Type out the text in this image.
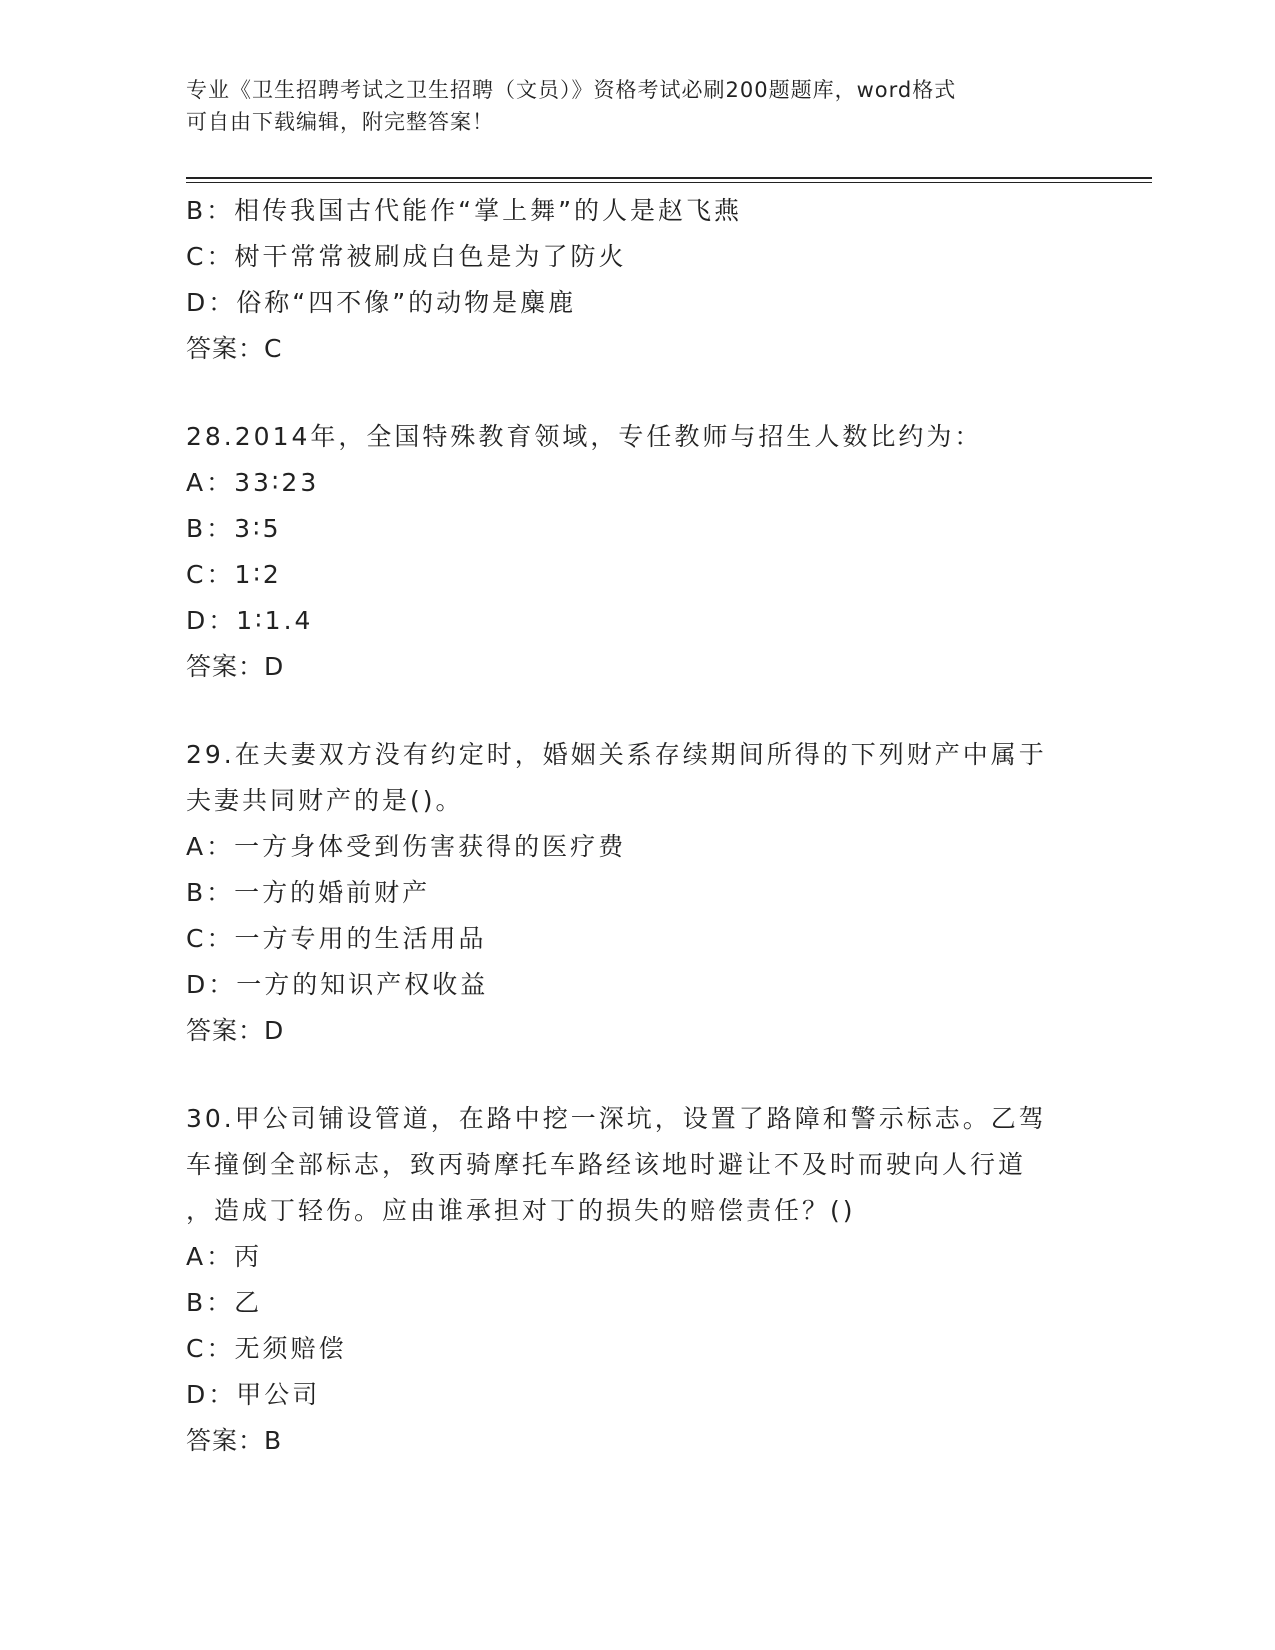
专业《卫生招聘考试之卫生招聘（文员）》资格考试必刷200题题库，word格式
可自由下载编辑，附完整答案！
B：相传我国古代能作“掌上舞”的人是赵飞燕
C：树干常常被刷成白色是为了防火
D：俗称“四不像”的动物是麋鹿
答案：C
28.2014年，全国特殊教育领域，专任教师与招生人数比约为：
A：33∶23
B：3∶5
C：1∶2
D：1∶1.4
答案：D
29.在夫妻双方没有约定时，婚姻关系存续期间所得的下列财产中属于
夫妻共同财产的是()。
A：一方身体受到伤害获得的医疗费
B：一方的婚前财产
C：一方专用的生活用品
D：一方的知识产权收益
答案：D
30.甲公司铺设管道，在路中挖一深坑，设置了路障和警示标志。乙驾
车撞倒全部标志，致丙骑摩托车路经该地时避让不及时而驶向人行道
，造成丁轻伤。应由谁承担对丁的损失的赔偿责任？()
A：丙
B：乙
C：无须赔偿
D：甲公司
答案：B
